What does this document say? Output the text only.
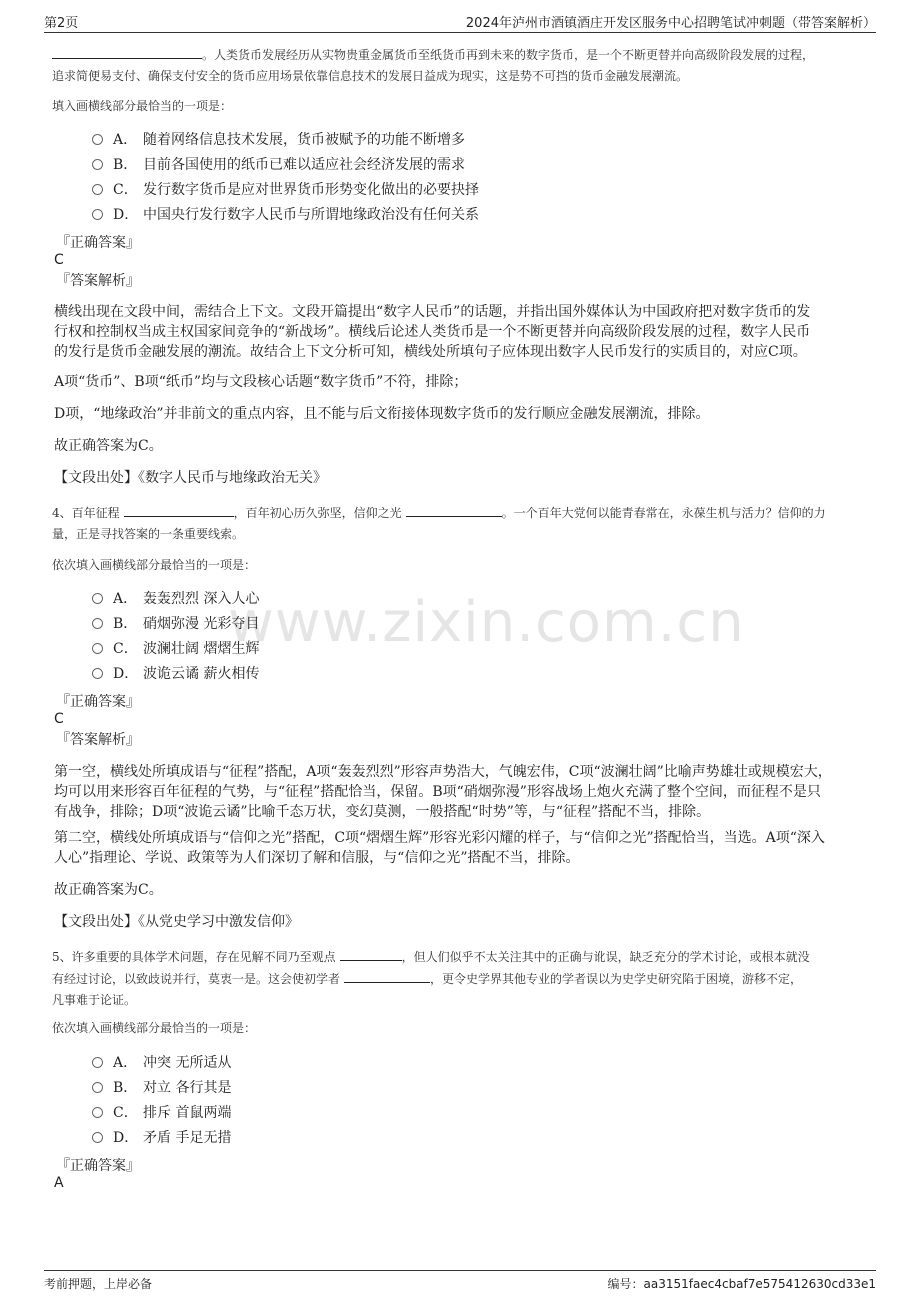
第2页	2024年泸州市酒镇酒庄开发区服务中心招聘笔试冲刺题（带答案解析）
www.zixin.com.cn
。人类货币发展经历从实物贵重金属货币至纸货币再到未来的数字货币，是一个不断更替并向高级阶段发展的过程，
追求简便易支付、确保支付安全的货币应用场景依靠信息技术的发展日益成为现实，这是势不可挡的货币金融发展潮流。
填入画横线部分最恰当的一项是：
A． 随着网络信息技术发展，货币被赋予的功能不断增多
B． 目前各国使用的纸币已难以适应社会经济发展的需求
C． 发行数字货币是应对世界货币形势变化做出的必要抉择
D． 中国央行发行数字人民币与所谓地缘政治没有任何关系
『正确答案』
C
『答案解析』
横线出现在文段中间，需结合上下文。文段开篇提出“数字人民币”的话题，并指出国外媒体认为中国政府把对数字货币的发
行权和控制权当成主权国家间竞争的“新战场”。横线后论述人类货币是一个不断更替并向高级阶段发展的过程，数字人民币
的发行是货币金融发展的潮流。故结合上下文分析可知，横线处所填句子应体现出数字人民币发行的实质目的，对应C项。
A项“货币”、B项“纸币”均与文段核心话题“数字货币”不符，排除；
D项，“地缘政治”并非前文的重点内容，且不能与后文衔接体现数字货币的发行顺应金融发展潮流，排除。
故正确答案为C。
【文段出处】《数字人民币与地缘政治无关》
4、百年征程	，百年初心历久弥坚，信仰之光	。一个百年大党何以能青春常在，永葆生机与活力？信仰的力
量，正是寻找答案的一条重要线索。
依次填入画横线部分最恰当的一项是：
A． 轰轰烈烈 深入人心
B． 硝烟弥漫 光彩夺目
C． 波澜壮阔 熠熠生辉
D． 波诡云谲 薪火相传
『正确答案』
C
『答案解析』
第一空，横线处所填成语与“征程”搭配，A项“轰轰烈烈”形容声势浩大，气魄宏伟，C项“波澜壮阔”比喻声势雄壮或规模宏大，
均可以用来形容百年征程的气势，与“征程”搭配恰当，保留。B项“硝烟弥漫”形容战场上炮火充满了整个空间，而征程不是只
有战争，排除；D项“波诡云谲”比喻千态万状，变幻莫测，一般搭配“时势”等，与“征程”搭配不当，排除。
第二空，横线处所填成语与“信仰之光”搭配，C项“熠熠生辉”形容光彩闪耀的样子，与“信仰之光”搭配恰当，当选。A项“深入
人心”指理论、学说、政策等为人们深切了解和信服，与“信仰之光”搭配不当，排除。
故正确答案为C。
【文段出处】《从党史学习中激发信仰》
5、许多重要的具体学术问题，存在见解不同乃至观点	，但人们似乎不太关注其中的正确与讹误，缺乏充分的学术讨论，或根本就没
有经过讨论，以致歧说并行，莫衷一是。这会使初学者	，更令史学界其他专业的学者误以为史学史研究陷于困境，游移不定，
凡事难于论证。
依次填入画横线部分最恰当的一项是：
A． 冲突 无所适从
B． 对立 各行其是
C． 排斥 首鼠两端
D． 矛盾 手足无措
『正确答案』
A
考前押题，上岸必备	编号：aa3151faec4cbaf7e575412630cd33e1
